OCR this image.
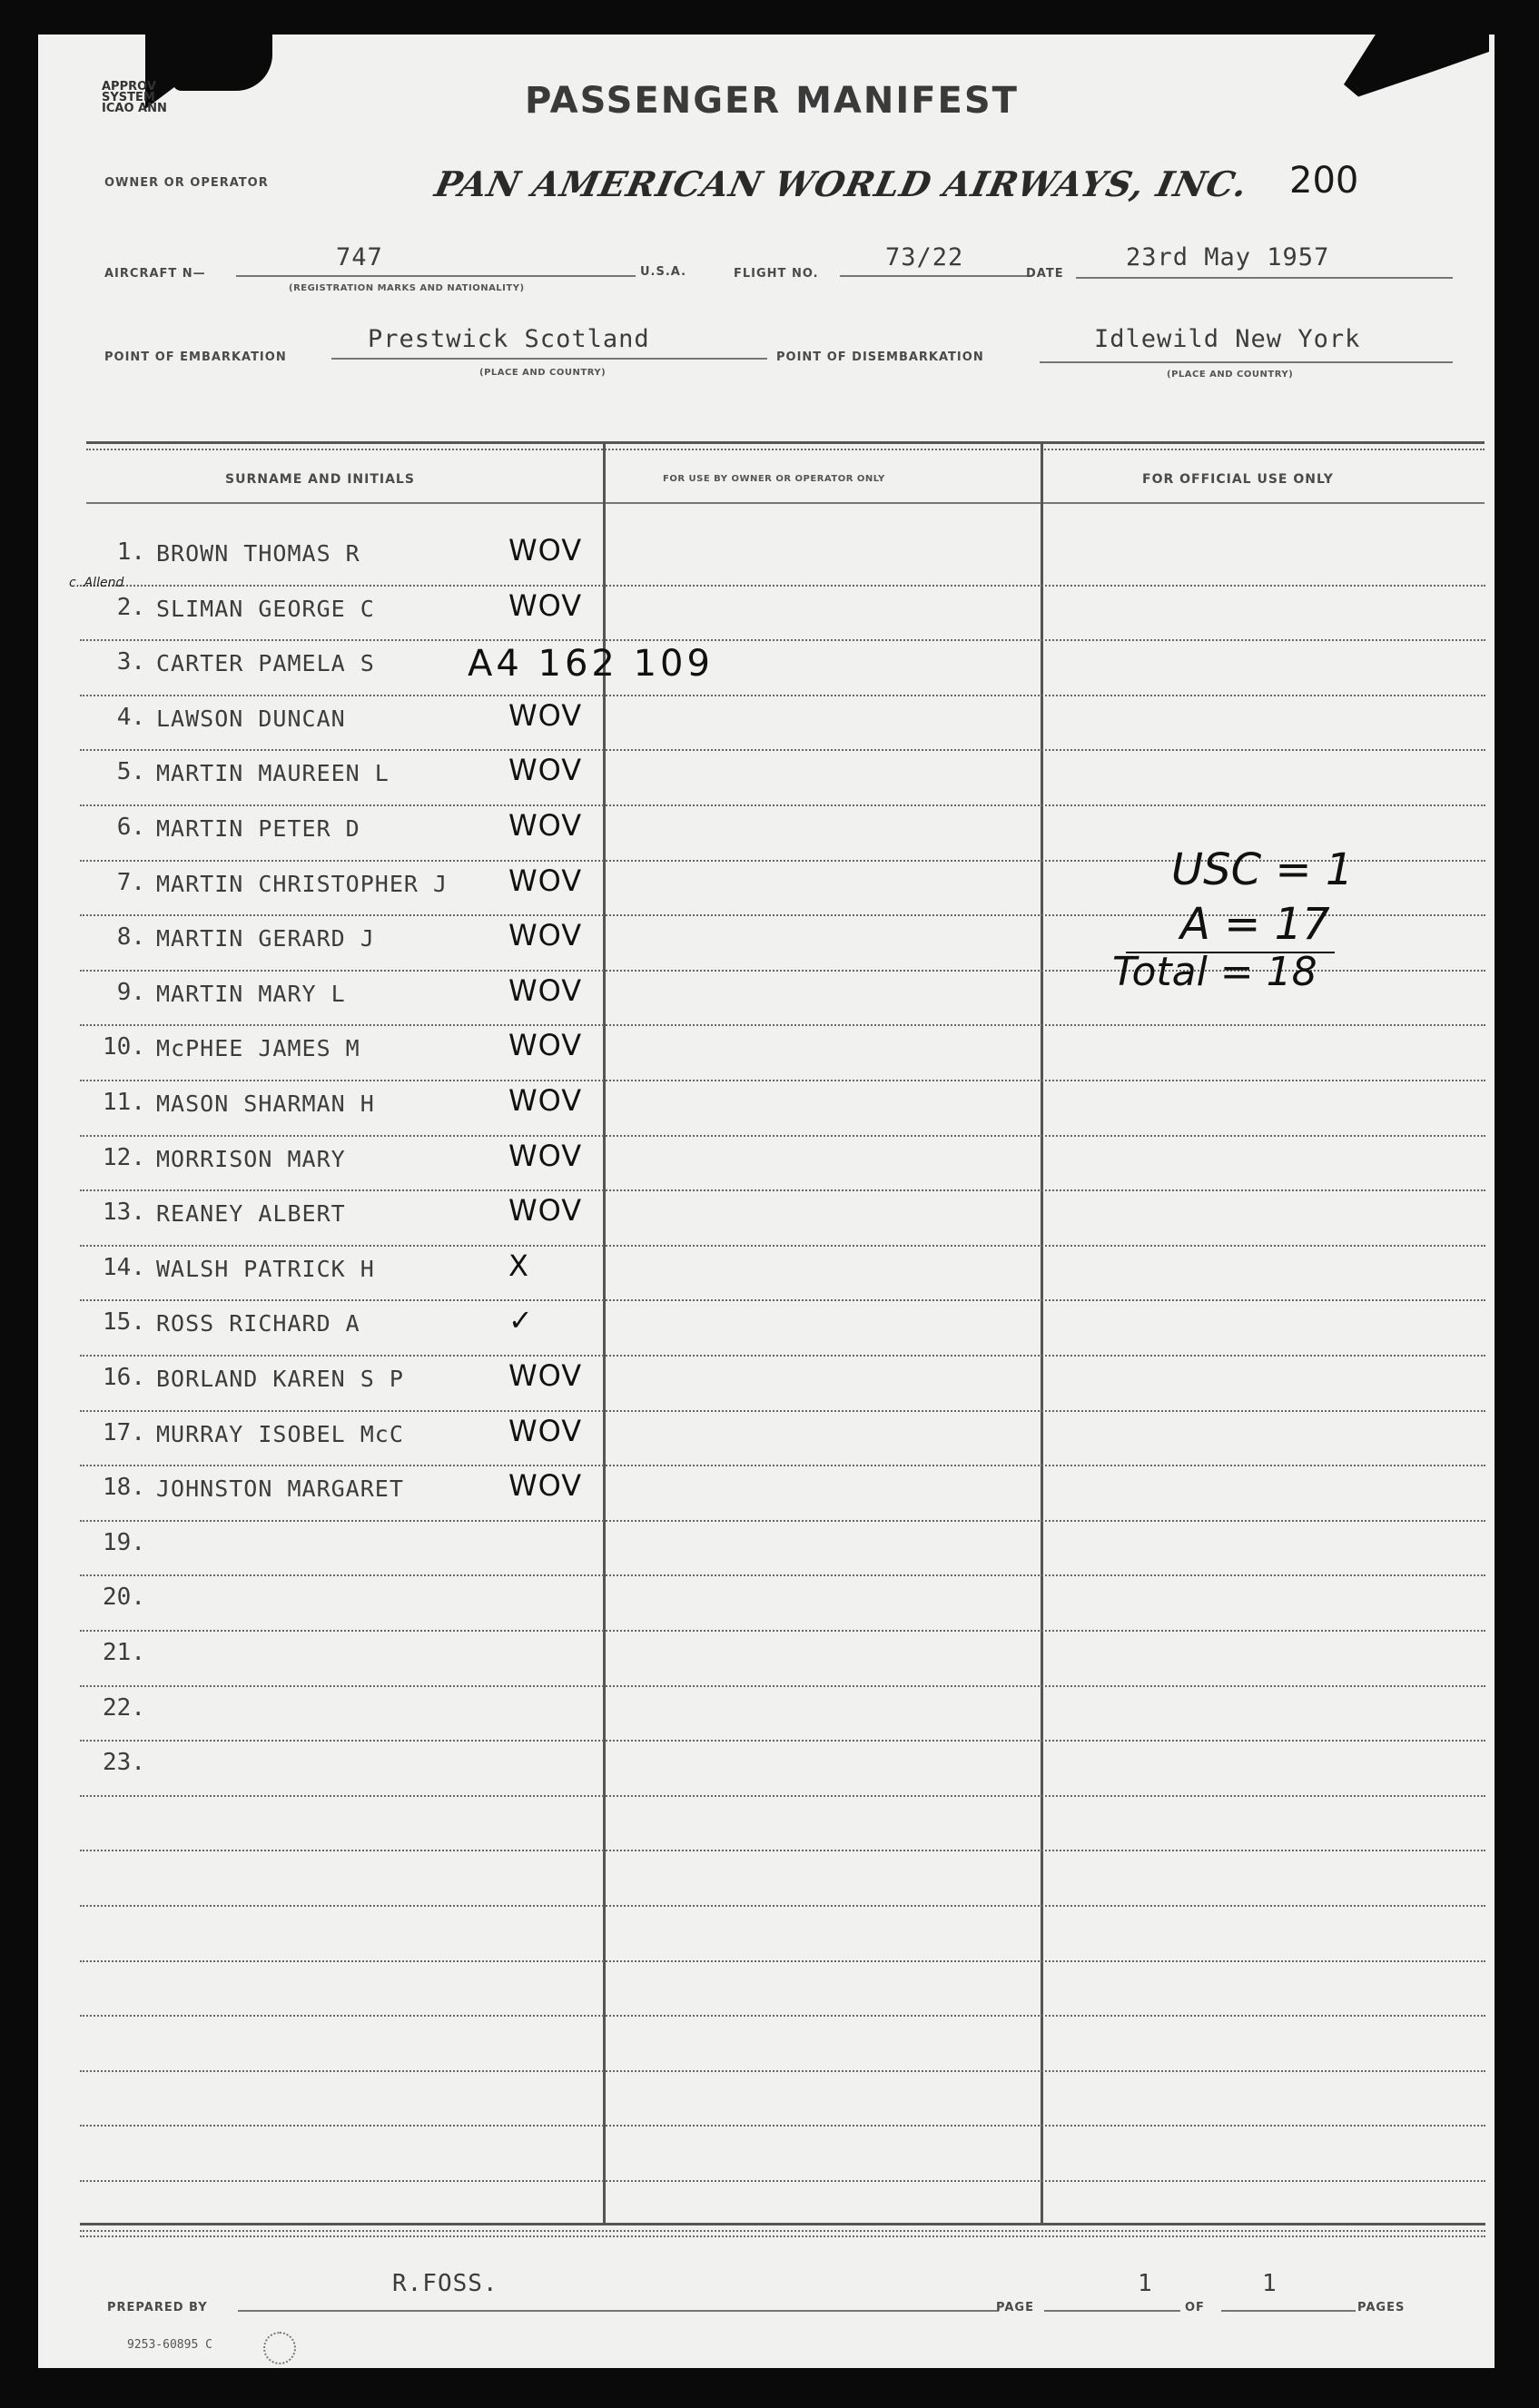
APPROV
SYSTEM
ICAO ANN	PASSENGER MANIFEST
OWNER OR OPERATOR	PAN AMERICAN WORLD AIRWAYS, INC. 200
AIRCRAFT N—
747
(REGISTRATION MARKS AND NATIONALITY)
U.S.A.	FLIGHT NO.
73/22
DATE
23rd May 1957
POINT OF EMBARKATION
Prestwick Scotland
(PLACE AND COUNTRY)
POINT OF DISEMBARKATION
Idlewild New York
(PLACE AND COUNTRY)
SURNAME AND INITIALS	FOR USE BY OWNER OR OPERATOR ONLY	FOR OFFICIAL USE ONLY
1. BROWN THOMAS R	WOV
2. SLIMAN GEORGE C	WOV
c. Allend
3. CARTER PAMELA S	A4 162 109
4. LAWSON DUNCAN	WOV
5. MARTIN MAUREEN L	WOV
6. MARTIN PETER D	WOV
7. MARTIN CHRISTOPHER J WOV
8. MARTIN GERARD J	WOV
9. MARTIN MARY L	WOV
10. McPHEE JAMES M	WOV
11. MASON SHARMAN H	WOV
12. MORRISON MARY	WOV
13. REANEY ALBERT	WOV
14. WALSH PATRICK H	X
15. ROSS RICHARD A	✓
16. BORLAND KAREN S P	WOV
17. MURRAY ISOBEL McC	WOV
18. JOHNSTON MARGARET	WOV
19.
20.
21.
22.
23.
USC = 1
A = 17
Total = 18
R.FOSS.
PREPARED BY	PAGE
1
OF
1
PAGES
9253-60895 C
